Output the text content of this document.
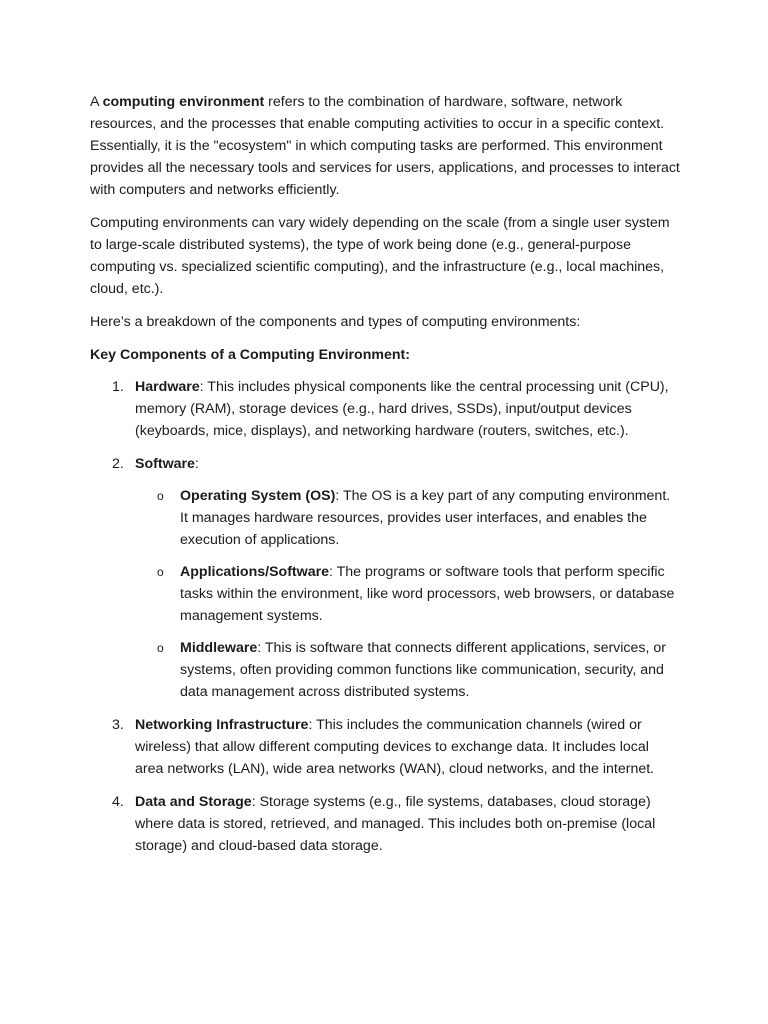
A computing environment refers to the combination of hardware, software, network resources, and the processes that enable computing activities to occur in a specific context. Essentially, it is the "ecosystem" in which computing tasks are performed. This environment provides all the necessary tools and services for users, applications, and processes to interact with computers and networks efficiently.

Computing environments can vary widely depending on the scale (from a single user system to large-scale distributed systems), the type of work being done (e.g., general-purpose computing vs. specialized scientific computing), and the infrastructure (e.g., local machines, cloud, etc.).

Here’s a breakdown of the components and types of computing environments:

Key Components of a Computing Environment:

1. Hardware: This includes physical components like the central processing unit (CPU), memory (RAM), storage devices (e.g., hard drives, SSDs), input/output devices (keyboards, mice, displays), and networking hardware (routers, switches, etc.).
2. Software:
o Operating System (OS): The OS is a key part of any computing environment. It manages hardware resources, provides user interfaces, and enables the execution of applications.
o Applications/Software: The programs or software tools that perform specific tasks within the environment, like word processors, web browsers, or database management systems.
o Middleware: This is software that connects different applications, services, or systems, often providing common functions like communication, security, and data management across distributed systems.
3. Networking Infrastructure: This includes the communication channels (wired or wireless) that allow different computing devices to exchange data. It includes local area networks (LAN), wide area networks (WAN), cloud networks, and the internet.
4. Data and Storage: Storage systems (e.g., file systems, databases, cloud storage) where data is stored, retrieved, and managed. This includes both on-premise (local storage) and cloud-based data storage.
